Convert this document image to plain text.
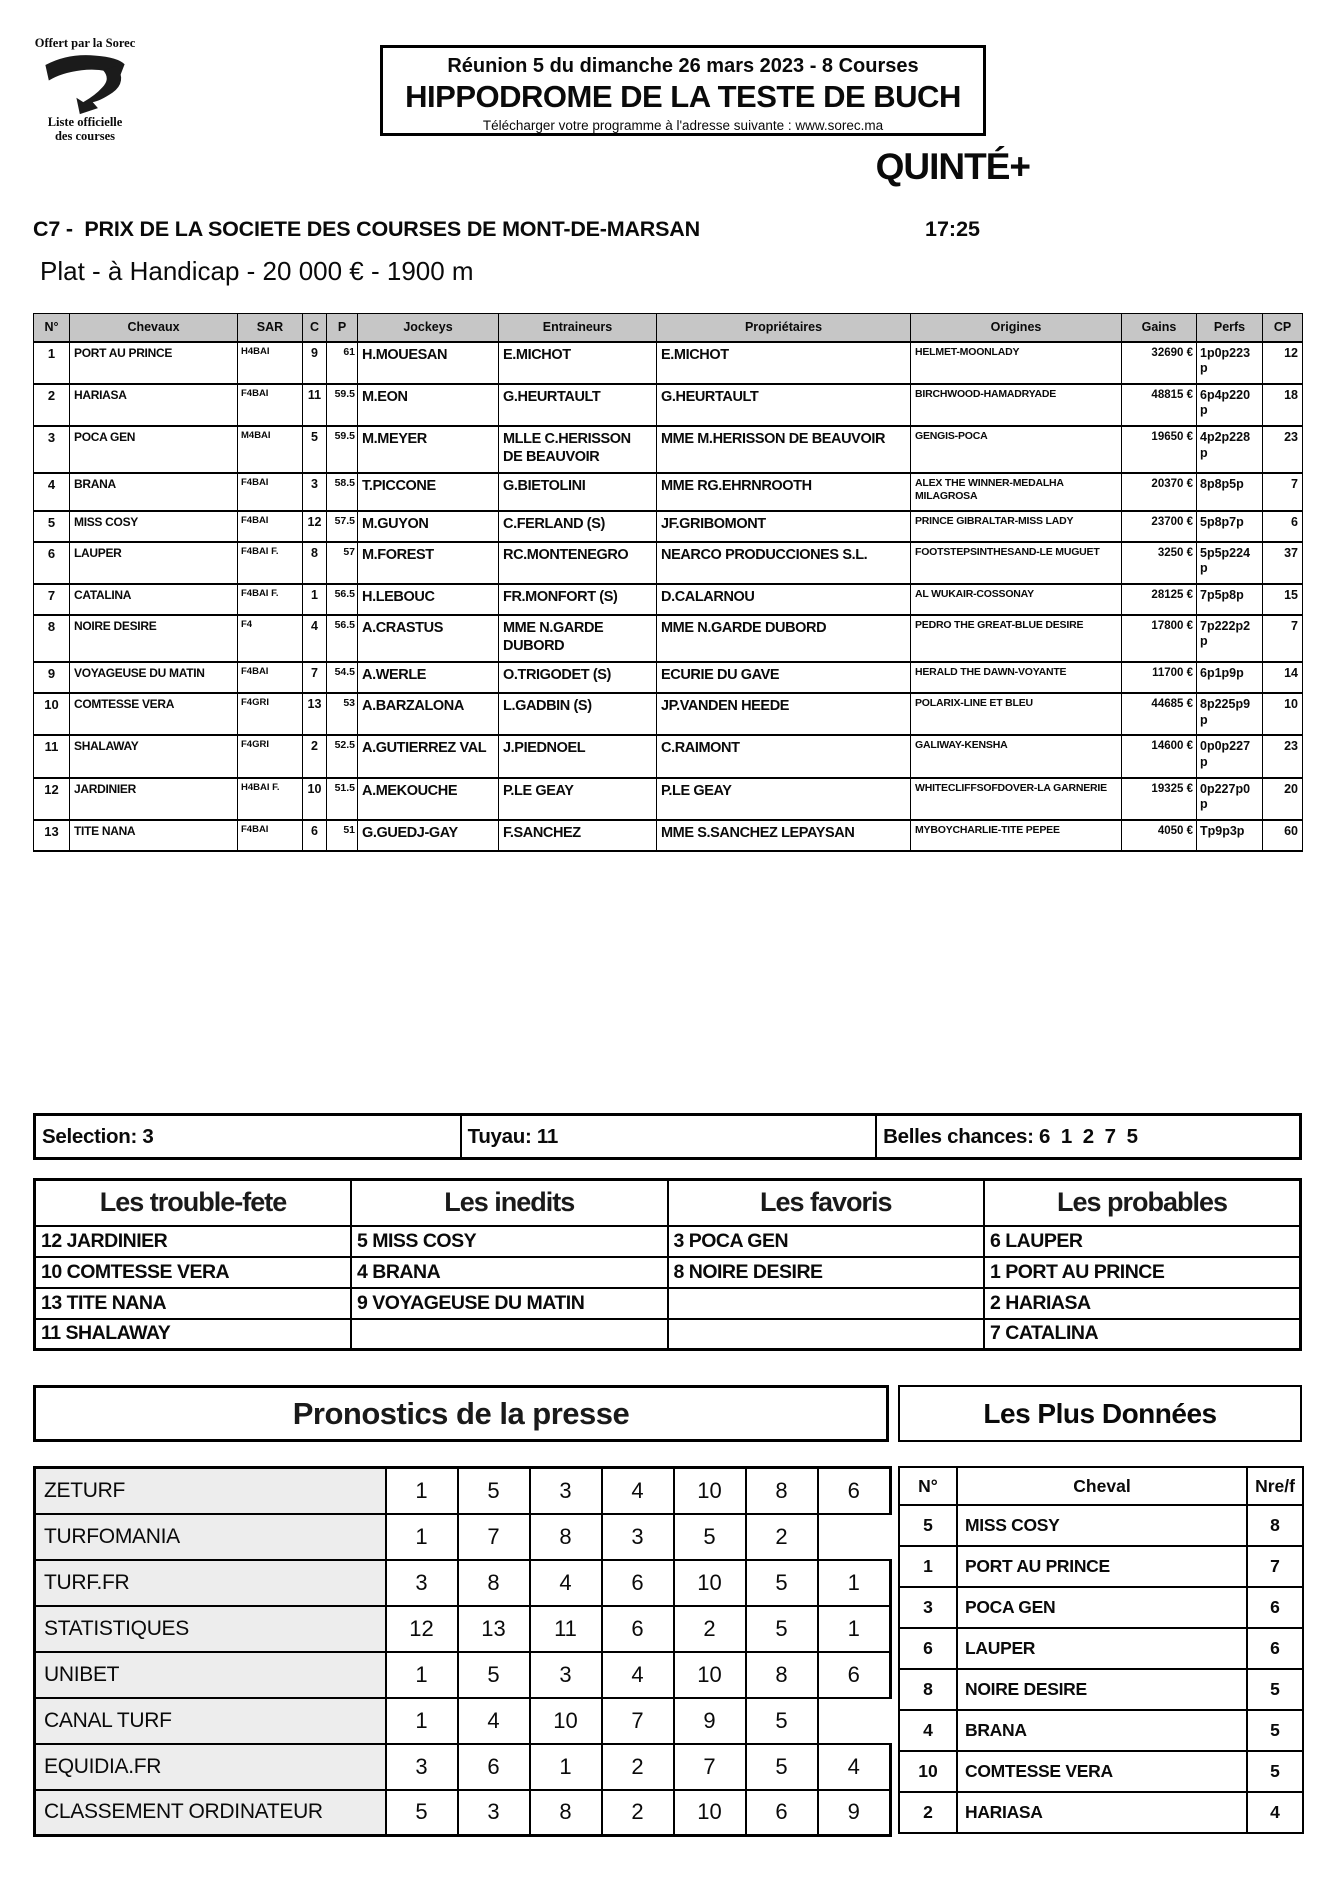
Offert par la Sorec
Liste officielle
des courses
Réunion 5 du dimanche 26 mars 2023 - 8 Courses
HIPPODROME DE LA TESTE DE BUCH
Télécharger votre programme à l'adresse suivante : www.sorec.ma
QUINTÉ+
C7 -  PRIX DE LA SOCIETE DES COURSES DE MONT-DE-MARSAN	17:25
Plat - à Handicap - 20 000 € - 1900 m
N°	Chevaux	SAR	C	P	Jockeys	Entraineurs	Propriétaires	Origines	Gains	Perfs	CP
1	PORT AU PRINCE	H4BAI	9	61	H.MOUESAN	E.MICHOT	E.MICHOT	HELMET-MOONLADY	32690 €	1p0p223p	12
2	HARIASA	F4BAI	11	59.5	M.EON	G.HEURTAULT	G.HEURTAULT	BIRCHWOOD-HAMADRYADE	48815 €	6p4p220p	18
3	POCA GEN	M4BAI	5	59.5	M.MEYER	MLLE C.HERISSON DE BEAUVOIR	MME M.HERISSON DE BEAUVOIR	GENGIS-POCA	19650 €	4p2p228p	23
4	BRANA	F4BAI	3	58.5	T.PICCONE	G.BIETOLINI	MME RG.EHRNROOTH	ALEX THE WINNER-MEDALHA MILAGROSA	20370 €	8p8p5p	7
5	MISS COSY	F4BAI	12	57.5	M.GUYON	C.FERLAND (S)	JF.GRIBOMONT	PRINCE GIBRALTAR-MISS LADY	23700 €	5p8p7p	6
6	LAUPER	F4BAI F.	8	57	M.FOREST	RC.MONTENEGRO	NEARCO PRODUCCIONES S.L.	FOOTSTEPSINTHESAND-LE MUGUET	3250 €	5p5p224p	37
7	CATALINA	F4BAI F.	1	56.5	H.LEBOUC	FR.MONFORT (S)	D.CALARNOU	AL WUKAIR-COSSONAY	28125 €	7p5p8p	15
8	NOIRE DESIRE	F4	4	56.5	A.CRASTUS	MME N.GARDE DUBORD	MME N.GARDE DUBORD	PEDRO THE GREAT-BLUE DESIRE	17800 €	7p222p2p	7
9	VOYAGEUSE DU MATIN	F4BAI	7	54.5	A.WERLE	O.TRIGODET (S)	ECURIE DU GAVE	HERALD THE DAWN-VOYANTE	11700 €	6p1p9p	14
10	COMTESSE VERA	F4GRI	13	53	A.BARZALONA	L.GADBIN (S)	JP.VANDEN HEEDE	POLARIX-LINE ET BLEU	44685 €	8p225p9p	10
11	SHALAWAY	F4GRI	2	52.5	A.GUTIERREZ VAL	J.PIEDNOEL	C.RAIMONT	GALIWAY-KENSHA	14600 €	0p0p227p	23
12	JARDINIER	H4BAI F.	10	51.5	A.MEKOUCHE	P.LE GEAY	P.LE GEAY	WHITECLIFFSOFDOVER-LA GARNERIE	19325 €	0p227p0p	20
13	TITE NANA	F4BAI	6	51	G.GUEDJ-GAY	F.SANCHEZ	MME S.SANCHEZ LEPAYSAN	MYBOYCHARLIE-TITE PEPEE	4050 €	Tp9p3p	60
Selection: 3	Tuyau: 11	Belles chances: 6  1  2  7  5
Les trouble-fete	Les inedits	Les favoris	Les probables
12 JARDINIER	5 MISS COSY	3 POCA GEN	6 LAUPER
10 COMTESSE VERA	4 BRANA	8 NOIRE DESIRE	1 PORT AU PRINCE
13 TITE NANA	9 VOYAGEUSE DU MATIN		2 HARIASA
11 SHALAWAY			7 CATALINA
Pronostics de la presse
ZETURF	1	5	3	4	10	8	6
TURFOMANIA	1	7	8	3	5	2	
TURF.FR	3	8	4	6	10	5	1
STATISTIQUES	12	13	11	6	2	5	1
UNIBET	1	5	3	4	10	8	6
CANAL TURF	1	4	10	7	9	5	
EQUIDIA.FR	3	6	1	2	7	5	4
CLASSEMENT ORDINATEUR	5	3	8	2	10	6	9
Les Plus Données
N°	Cheval	Nre/f
5	MISS COSY	8
1	PORT AU PRINCE	7
3	POCA GEN	6
6	LAUPER	6
8	NOIRE DESIRE	5
4	BRANA	5
10	COMTESSE VERA	5
2	HARIASA	4
